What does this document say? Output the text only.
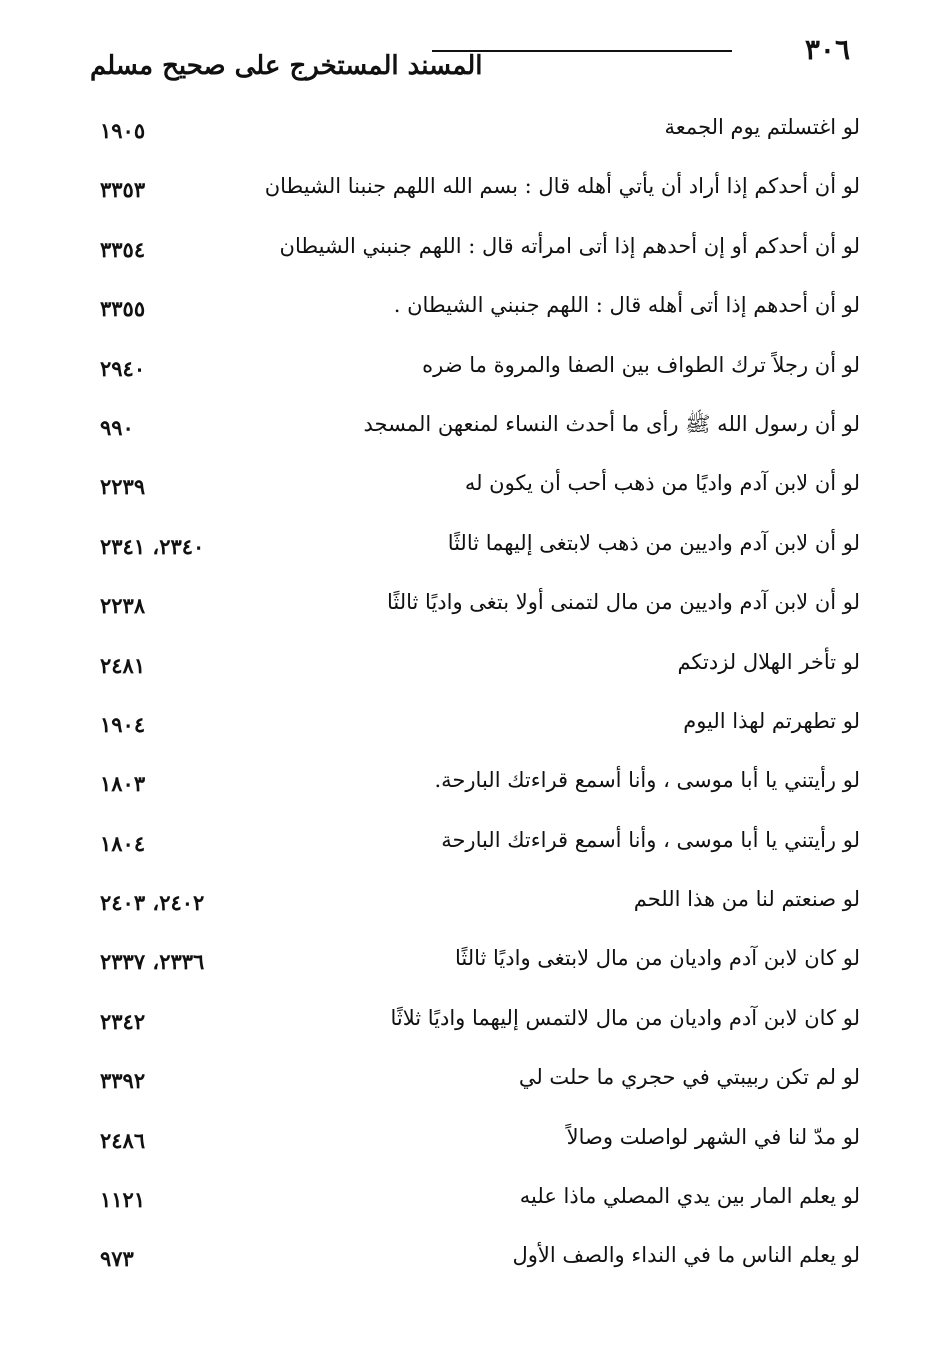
٣٠٦
المسند المستخرج على صحيح مسلم
لو اغتسلتم يوم الجمعة
١٩٠٥
لو أن أحدكم إذا أراد أن يأتي أهله قال : بسم الله اللهم جنبنا الشيطان
٣٣٥٣
لو أن أحدكم أو إن أحدهم إذا أتى امرأته قال : اللهم جنبني الشيطان
٣٣٥٤
لو أن أحدهم إذا أتى أهله قال : اللهم جنبني الشيطان .
٣٣٥٥
لو أن رجلاً ترك الطواف بين الصفا والمروة ما ضره
٢٩٤٠
لو أن رسول الله ﷺ رأى ما أحدث النساء لمنعهن المسجد
٩٩٠
لو أن لابن آدم واديًا من ذهب أحب أن يكون له
٢٢٣٩
لو أن لابن آدم واديين من ذهب لابتغى إليهما ثالثًا
٢٣٤٠، ٢٣٤١
لو أن لابن آدم واديين من مال لتمنى أولا بتغى واديًا ثالثًا
٢٢٣٨
لو تأخر الهلال لزدتكم
٢٤٨١
لو تطهرتم لهذا اليوم
١٩٠٤
لو رأيتني يا أبا موسى ، وأنا أسمع قراءتك البارحة.
١٨٠٣
لو رأيتني يا أبا موسى ، وأنا أسمع قراءتك البارحة
١٨٠٤
لو صنعتم لنا من هذا اللحم
٢٤٠٢، ٢٤٠٣
لو كان لابن آدم واديان من مال لابتغى واديًا ثالثًا
٢٣٣٦، ٢٣٣٧
لو كان لابن آدم واديان من مال لالتمس إليهما واديًا ثلاثًا
٢٣٤٢
لو لم تكن ربيبتي في حجري ما حلت لي
٣٣٩٢
لو مدّ لنا في الشهر لواصلت وصالاً
٢٤٨٦
لو يعلم المار بين يدي المصلي ماذا عليه
١١٢١
لو يعلم الناس ما في النداء والصف الأول
٩٧٣
